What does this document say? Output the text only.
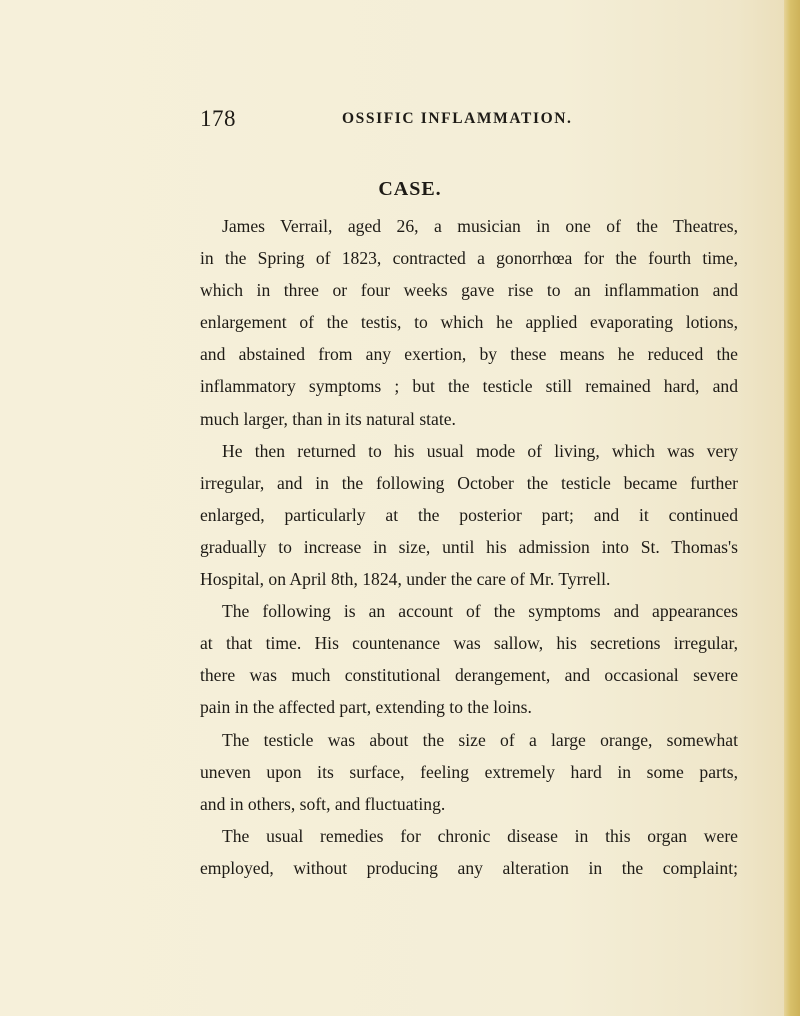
178	OSSIFIC INFLAMMATION.
CASE.
James Verrail, aged 26, a musician in one of the Theatres,
in the Spring of 1823, contracted a gonorrhœa for the fourth time,
which in three or four weeks gave rise to an inflammation and
enlargement of the testis, to which he applied evaporating lotions,
and abstained from any exertion, by these means he reduced the
inflammatory symptoms ; but the testicle still remained hard, and
much larger, than in its natural state.
He then returned to his usual mode of living, which was very
irregular, and in the following October the testicle became further
enlarged, particularly at the posterior part; and it continued
gradually to increase in size, until his admission into St. Thomas's
Hospital, on April 8th, 1824, under the care of Mr. Tyrrell.
The following is an account of the symptoms and appearances
at that time. His countenance was sallow, his secretions irregular,
there was much constitutional derangement, and occasional severe
pain in the affected part, extending to the loins.
The testicle was about the size of a large orange, somewhat
uneven upon its surface, feeling extremely hard in some parts,
and in others, soft, and fluctuating.
The usual remedies for chronic disease in this organ were
employed, without producing any alteration in the complaint;
